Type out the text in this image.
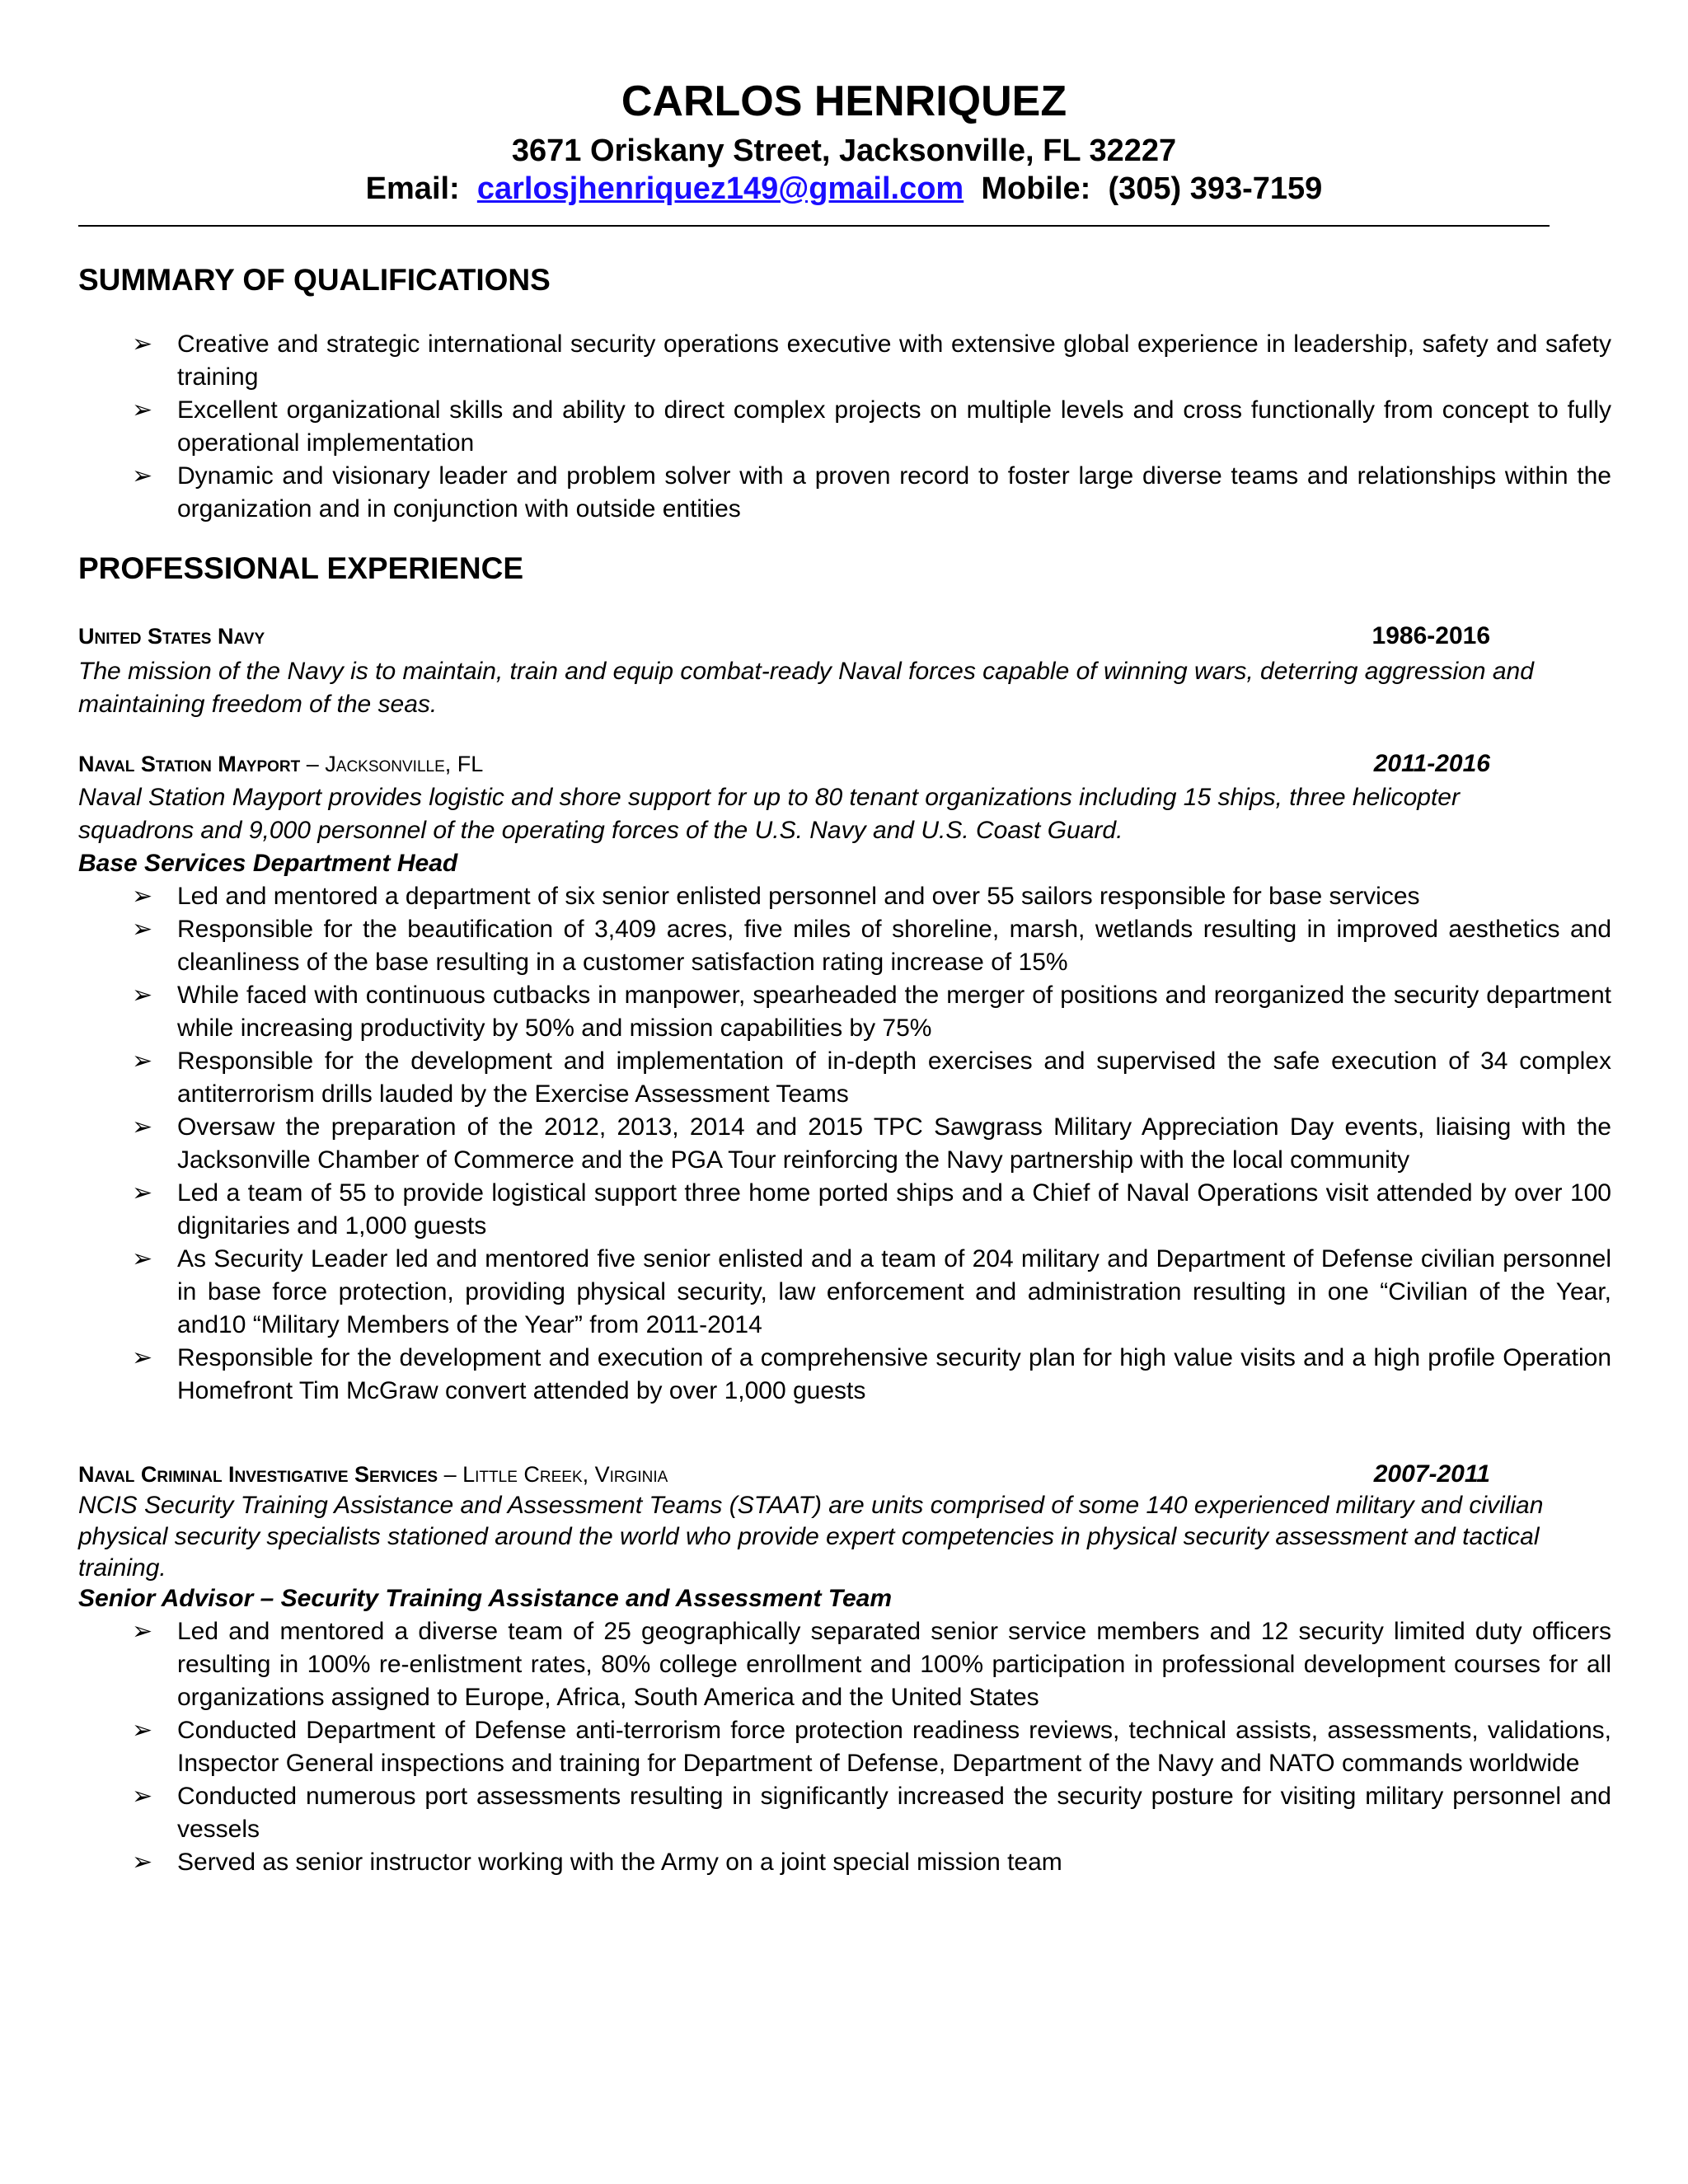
CARLOS HENRIQUEZ
3671 Oriskany Street, Jacksonville, FL 32227
Email: carlosjhenriquez149@gmail.com Mobile: (305) 393-7159
SUMMARY OF QUALIFICATIONS
➢ Creative and strategic international security operations executive with extensive global experience in leadership, safety and safety training
➢ Excellent organizational skills and ability to direct complex projects on multiple levels and cross functionally from concept to fully operational implementation
➢ Dynamic and visionary leader and problem solver with a proven record to foster large diverse teams and relationships within the organization and in conjunction with outside entities
PROFESSIONAL EXPERIENCE
United States Navy	1986-2016
The mission of the Navy is to maintain, train and equip combat-ready Naval forces capable of winning wars, deterring aggression and maintaining freedom of the seas.
Naval Station Mayport – Jacksonville, FL	2011-2016
Naval Station Mayport provides logistic and shore support for up to 80 tenant organizations including 15 ships, three helicopter squadrons and 9,000 personnel of the operating forces of the U.S. Navy and U.S. Coast Guard.
Base Services Department Head
➢ Led and mentored a department of six senior enlisted personnel and over 55 sailors responsible for base services
➢ Responsible for the beautification of 3,409 acres, five miles of shoreline, marsh, wetlands resulting in improved aesthetics and cleanliness of the base resulting in a customer satisfaction rating increase of 15%
➢ While faced with continuous cutbacks in manpower, spearheaded the merger of positions and reorganized the security department while increasing productivity by 50% and mission capabilities by 75%
➢ Responsible for the development and implementation of in-depth exercises and supervised the safe execution of 34 complex antiterrorism drills lauded by the Exercise Assessment Teams
➢ Oversaw the preparation of the 2012, 2013, 2014 and 2015 TPC Sawgrass Military Appreciation Day events, liaising with the Jacksonville Chamber of Commerce and the PGA Tour reinforcing the Navy partnership with the local community
➢ Led a team of 55 to provide logistical support three home ported ships and a Chief of Naval Operations visit attended by over 100 dignitaries and 1,000 guests
➢ As Security Leader led and mentored five senior enlisted and a team of 204 military and Department of Defense civilian personnel in base force protection, providing physical security, law enforcement and administration resulting in one “Civilian of the Year, and10 “Military Members of the Year” from 2011-2014
➢ Responsible for the development and execution of a comprehensive security plan for high value visits and a high profile Operation Homefront Tim McGraw convert attended by over 1,000 guests
Naval Criminal Investigative Services – Little Creek, Virginia	2007-2011
NCIS Security Training Assistance and Assessment Teams (STAAT) are units comprised of some 140 experienced military and civilian physical security specialists stationed around the world who provide expert competencies in physical security assessment and tactical training.
Senior Advisor – Security Training Assistance and Assessment Team
➢ Led and mentored a diverse team of 25 geographically separated senior service members and 12 security limited duty officers resulting in 100% re-enlistment rates, 80% college enrollment and 100% participation in professional development courses for all organizations assigned to Europe, Africa, South America and the United States
➢ Conducted Department of Defense anti-terrorism force protection readiness reviews, technical assists, assessments, validations, Inspector General inspections and training for Department of Defense, Department of the Navy and NATO commands worldwide
➢ Conducted numerous port assessments resulting in significantly increased the security posture for visiting military personnel and vessels
➢ Served as senior instructor working with the Army on a joint special mission team
